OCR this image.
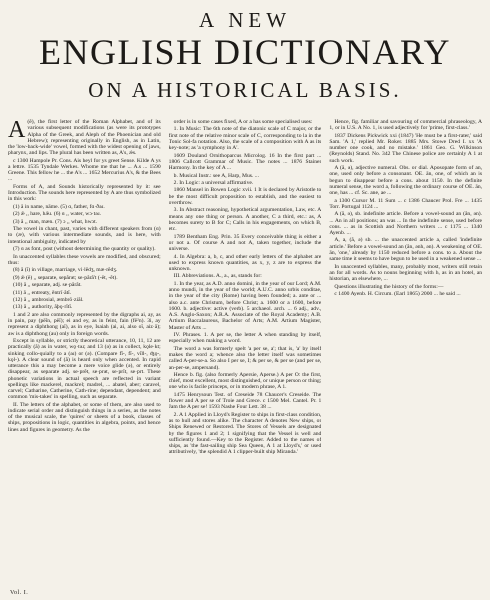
A NEW
ENGLISH DICTIONARY
ON A HISTORICAL BASIS.

A (ĕ), the first letter of the Roman Alphabet, and of its various subsequent modifications (as were its prototypes Alpha of the Greek, and Aleph of the Phoenician and old Hebrew); representing originally in English, as in Latin, the 'low-back-wide' vowel, formed with the widest opening of jaws, pharynx, and lips. The plural has been written as, A's, ǽs.

c 1300 Hampole Pr. Cons. Ais heyl for ys greet Sense. Kilde A ys a lettre. 1535 Tyndale Werkes. Whome me that he ... A.s ... 1590 Greene. This fellow he ... the A's ... 1652 Mercurius A's, & the Bees ...

Forms of A, and Sounds historically represented by it: see Introduction. The sounds here represented by A are thus symbolized in this work:

(1) ā in name, nāme. (5) ɑ, father, fɑ·ðəɹ.

(2) ǣ ,, hare, hǣɹ. (6) ɑ ,, water, wɔ·təɹ.

(3) ă ,, man, mæn. (7) ɔ ,, what, hwɔt.

The vowel in chant, past, varies with different speakers from (ɑ) to (æ), with various intermediate sounds, and is here, with intentional ambiguity, indicated by

(7) ɑ as fɑnt, pɑst (without determining the quantity or quality).

In unaccented syllables these vowels are modified, and obscured; thus:

(8) ă (ĭ) in village, marriage, vi·lĕdʒ, mæ·rĕdʒ.

(9) ǣ (ē) ,, separate, sepărət; se·pără't (-ēt, -ĕt).

(10) ă ,, separate, adj. se·părăt.

(11) ā ,, entreaty, ěntrī·ătĭ.

(12) ă ,, ambrosial, æmbrō·ziăl.

(13) ă ,, authority, ăþǫ·rĭtĭ.

1 and 2 are also commonly represented by the digraphs ai, ay, as in pain, pay (pēĭn, pēĭ); ei and ey, as in feint, fain (fē²n). 3i, ay represent a diphthong (aĭ), as in eye, Isaiah (ai, ai, also oĭ, aiz·ă); aw is a diphthong (au) only in foreign words.

Except in syllable, or strictly theoretical utterance, 10, 11, 12 are practically (ă) as in water, wǫ·təɹ; and 13 (ə) as in collect, kǫle·kt; sinking collo-quially to a (əɹ) or (ə). (Compare fĭ-, fĭ-, vĭll-, ʤǫ-, kǫl-). A clear sound of (ă) is heard only when accented. In rapid utterance this a may become a mere voice glide (ə), or entirely disappear, as separate adj. se·prĕt, se·prət, se·prĭt, se·prt. These phonetic variations in actual speech are reflected in variant spellings like mackerel, mackrel; madrel, ... abatel, aber; caravel, carvel; Catharine, Catherine, Cath-rine; dependant, dependent; and common 'mis-takes' in spelling, such as separate.

II. The letters of the alphabet, or some of them, are also used to indicate serial order and distinguish things in a series, as the notes of the musical scale, the 'quires' or sheets of a book, classes of ships, propositions in logic, quantities in algebra, points, and hence lines and figures in geometry. As the

order is in some cases fixed, A or a has some specialised uses:

1. In Music: The 6th note of the diatonic scale of C major, or the first note of the relative minor scale of C, corresponding to la in the Tonic Sol-fa notation. Also, the scale of a composition with A as its key-note; as 'a symphony in A'.

1609 Douland Ornithoparcus Microlog. 16 In the first part ... 1806 Callcott Grammar of Music. The notes ... 1876 Stainer Harmony. In the key of A ...

b. Musical Instr.: see A, Harp, Mus. ...

2. In Logic: a universal affirmative.

1860 Mansel in Bowen Logic xvii. 1 It is declared by Aristotle to be the most difficult proposition to establish, and the easiest to overthrow.

3. In Abstract reasoning, hypothetical argumentation, Law, etc. A means any one thing or person. A another, C a third, etc.: as, A becomes surety to B for C; Calls in his engagements, on which B, etc.

1789 Bentham Eng. Prin. 35 Every conceivable thing is either a or not a. Of course A and not A, taken together, include the universe.

4. In Algebra: a, b, c, and other early letters of the alphabet are used to express known quantities, as x, y, z are to express the unknown.

III. Abbreviations. A., a., as, stands for:

1. In the year, as A.D. anno domini, in the year of our Lord; A.M. anno mundi, in the year of the world; A.U.C. anno urbis conditae, in the year of the city (Rome) having been founded; a. ante or ... also a.c. ante Christum, before Christ; a. 1600 or a 1600, before 1600. b. adjective: active (verb). 5 archaeol. arch. ... 6 adj., adv., A.S. Anglo-Saxon; A.R.A. Associate of the Royal Academy; A.B. Artium Baccalaureus, Bachelor of Arts; A.M. Artium Magister, Master of Arts ...

IV. Phrases. 1. A per se, the letter A when standing by itself, especially when making a word.

The word a was formerly spelt 'a per se, a'; that is, 'a' by itself makes the word a; whence also the letter itself was sometimes called A-per-se-a. So also I per se, I; & per se, & per se (and per se, an-per-se, ampersand).

Hence b. fig. (also formerly Apersie, Aperse.) A per O: the first, chief, most excellent, most distinguished, or unique person or thing; one who is facile princeps, or in modern phrase, A 1.

1475 Henrysoun Test. of Creseide 78 Chaucer's Creseide. The flower and A per se of Troie and Grece. c 1500 Mel. Cantel. Pr. 1 Jam the A per se! 1593 Nashe Four Lett. 38 ...

2. A 1 Applied in Lloyd's Register to ships in first-class condition, as to hull and stores alike. The character A denotes New ships, or Ships Renewed or Restored. The Stores of Vessels are designated by the figures 1 and 2; 1 signifying that the Vessel is well and sufficiently found.—Key to the Register. Added to the names of ships, as 'the fast-sailing ship Sea Queen, A 1 at Lloyd's,' or used attributively, 'the splendid A 1 clipper-built ship Miranda.'

Hence, fig. familiar and savouring of commercial phraseology, A 1, or in U.S. A No. 1, is used adjectively for 'prime, first-class.'

1837 Dickens Pickwick xxi (1847) 'He must be a first-rater,' said Sam. 'A 1,' replied Mr. Roker. 1885 Mrs. Stowe Dred I. xx 'A number one cook, and no mistake.' 1861 Geo. G. Wilkinson (Reynolds) Stand. No. 342 The Chinese police are certainly A 1 at such work.

A (ă, ə), adjective numeral. Obs. or dial. Aposopate form of an, one, used only before a consonant. OE. ān, one, of which an is begun to disappear before a cons. about 1150. In the definite numeral sense, the word a, following the ordinary course of OE. ān, one, has ... cf. Sc. ane, ae ...

a 1300 Cursor M. 11 Sum ... c 1386 Chaucer Prol. Fre ... 1435 Torr. Portugal 1124 ...

A (ă, ə), sb. indefinite article. Before a vowel-sound an (ăn, ən). ... An in all positions; an was ... In the indefinite sense, used before cons. ... as in Scottish and Northern writers ... c 1175 ... 1340 Ayenb. ...

A, a, (ă, ə) sb. ... the unaccented article a, called 'indefinite article.' Before a vowel-sound an (ăn, ənh, ən). A weakening of OE. ān, 'one,' already by 1150 reduced before a cons. to a. About the same time it seems to have begun to be used in a weakened sense ...

In unaccented syllables, many, probably most, writers still retain an for all words. As to nouns beginning with h, as in an hotel, an historian, an elsewhere, ...

Questions illustrating the history of the forms:—

c 1400 Ayenb. H. Circum. (Earl 1865) 2000 ... he said ...

Vol. I.
